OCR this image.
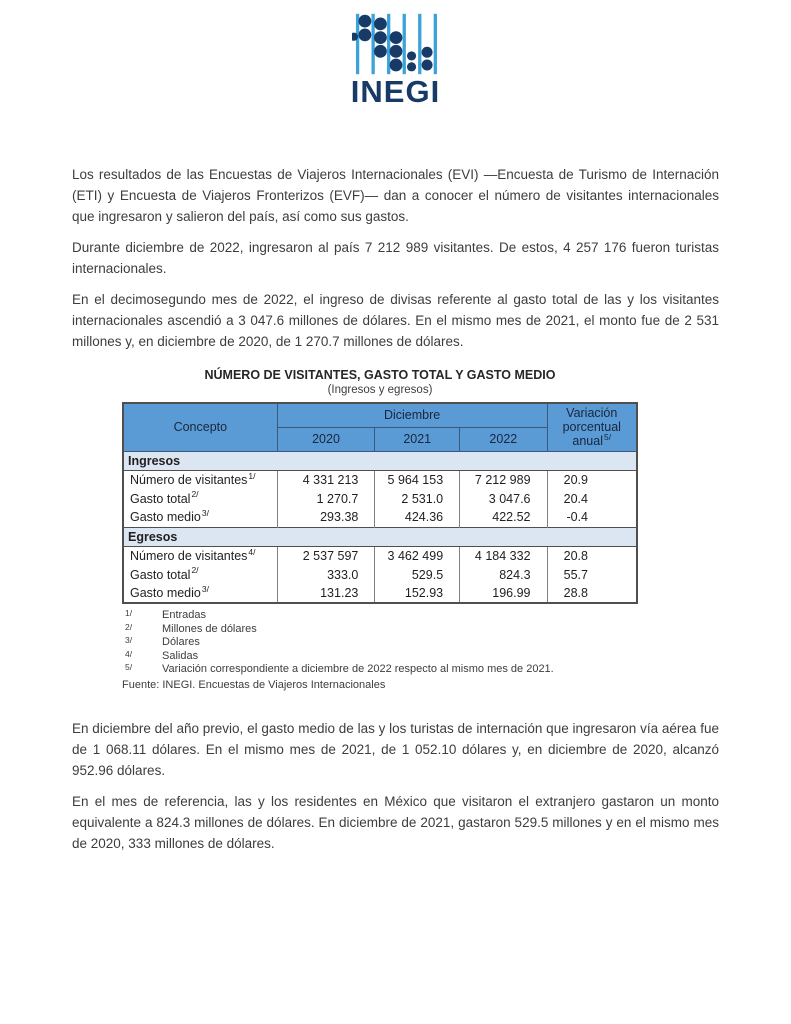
INEGI

Los resultados de las Encuestas de Viajeros Internacionales (EVI) —Encuesta de Turismo de Internación (ETI) y Encuesta de Viajeros Fronterizos (EVF)— dan a conocer el número de visitantes internacionales que ingresaron y salieron del país, así como sus gastos.

Durante diciembre de 2022, ingresaron al país 7 212 989 visitantes. De estos, 4 257 176 fueron turistas internacionales.

En el decimosegundo mes de 2022, el ingreso de divisas referente al gasto total de las y los visitantes internacionales ascendió a 3 047.6 millones de dólares. En el mismo mes de 2021, el monto fue de 2 531 millones y, en diciembre de 2020, de 1 270.7 millones de dólares.

NÚMERO DE VISITANTES, GASTO TOTAL Y GASTO MEDIO
(Ingresos y egresos)
Concepto	Diciembre			Variación porcentual anual$^{5/}$
	2020	2021	2022	
Ingresos				
Número de visitantes$^{1/}$	4 331 213	5 964 153	7 212 989	20.9
Gasto total$^{2/}$	1 270.7	2 531.0	3 047.6	20.4
Gasto medio$^{3/}$	293.38	424.36	422.52	-0.4
Egresos				
Número de visitantes$^{4/}$	2 537 597	3 462 499	4 184 332	20.8
Gasto total$^{2/}$	333.0	529.5	824.3	55.7
Gasto medio$^{3/}$	131.23	152.93	196.99	28.8
1/	Entradas
2/	Millones de dólares
3/	Dólares
4/	Salidas
5/	Variación correspondiente a diciembre de 2022 respecto al mismo mes de 2021.
Fuente: INEGI. Encuestas de Viajeros Internacionales

En diciembre del año previo, el gasto medio de las y los turistas de internación que ingresaron vía aérea fue de 1 068.11 dólares. En el mismo mes de 2021, de 1 052.10 dólares y, en diciembre de 2020, alcanzó 952.96 dólares.

En el mes de referencia, las y los residentes en México que visitaron el extranjero gastaron un monto equivalente a 824.3 millones de dólares. En diciembre de 2021, gastaron 529.5 millones y en el mismo mes de 2020, 333 millones de dólares.
